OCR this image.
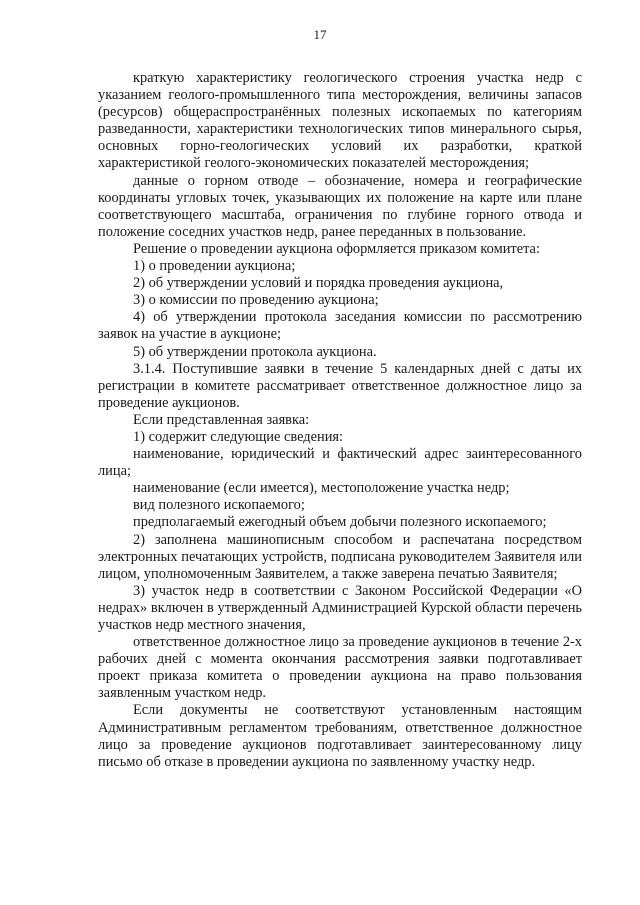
17

краткую характеристику геологического строения участка недр с указанием геолого-промышленного типа месторождения, величины запасов (ресурсов) общераспространённых полезных ископаемых по категориям разведанности, характеристики технологических типов минерального сырья, основных горно-геологических условий их разработки, краткой характеристикой геолого-экономических показателей месторождения;

данные о горном отводе – обозначение, номера и географические координаты угловых точек, указывающих их положение на карте или плане соответствующего масштаба, ограничения по глубине горного отвода и положение соседних участков недр, ранее переданных в пользование.

Решение о проведении аукциона оформляется приказом комитета:

1) о проведении аукциона;

2) об утверждении условий и порядка проведения аукциона,

3) о комиссии по проведению аукциона;

4) об утверждении протокола заседания комиссии по рассмотрению заявок на участие в аукционе;

5) об утверждении протокола аукциона.

3.1.4. Поступившие заявки в течение 5 календарных дней с даты их регистрации в комитете рассматривает ответственное должностное лицо за проведение аукционов.

Если представленная заявка:

1) содержит следующие сведения:

наименование, юридический и фактический адрес заинтересованного лица;

наименование (если имеется), местоположение участка недр;

вид полезного ископаемого;

предполагаемый ежегодный объем добычи полезного ископаемого;

2) заполнена машинописным способом и распечатана посредством электронных печатающих устройств, подписана руководителем Заявителя или лицом, уполномоченным Заявителем, а также заверена печатью Заявителя;

3) участок недр в соответствии с Законом Российской Федерации «О недрах» включен в утвержденный Администрацией Курской области перечень участков недр местного значения,

ответственное должностное лицо за проведение аукционов в течение 2-х рабочих дней с момента окончания рассмотрения заявки подготавливает проект приказа комитета о проведении аукциона на право пользования заявленным участком недр.

Если документы не соответствуют установленным настоящим Административным регламентом требованиям, ответственное должностное лицо за проведение аукционов подготавливает заинтересованному лицу письмо об отказе в проведении аукциона по заявленному участку недр.
